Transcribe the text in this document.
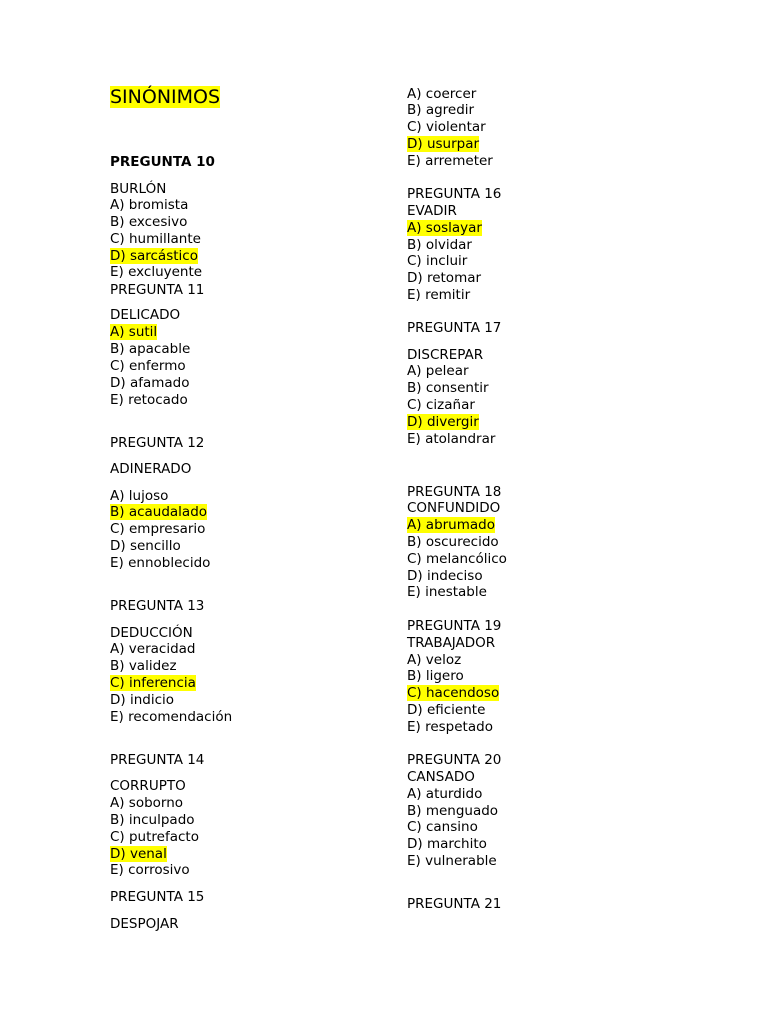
SINÓNIMOS
PREGUNTA 10
BURLÓN
A) bromista
B) excesivo
C) humillante
D) sarcástico
E) excluyente
PREGUNTA 11
DELICADO
A) sutil
B) apacable
C) enfermo
D) afamado
E) retocado
PREGUNTA 12
ADINERADO
A) lujoso
B) acaudalado
C) empresario
D) sencillo
E) ennoblecido
PREGUNTA 13
DEDUCCIÓN
A) veracidad
B) validez
C) inferencia
D) indicio
E) recomendación
PREGUNTA 14
CORRUPTO
A) soborno
B) inculpado
C) putrefacto
D) venal
E) corrosivo
PREGUNTA 15
DESPOJAR
A) coercer
B) agredir
C) violentar
D) usurpar
E) arremeter
PREGUNTA 16
EVADIR
A) soslayar
B) olvidar
C) incluir
D) retomar
E) remitir
PREGUNTA 17
DISCREPAR
A) pelear
B) consentir
C) cizañar
D) divergir
E) atolandrar
PREGUNTA 18
CONFUNDIDO
A) abrumado
B) oscurecido
C) melancólico
D) indeciso
E) inestable
PREGUNTA 19
TRABAJADOR
A) veloz
B) ligero
C) hacendoso
D) eficiente
E) respetado
PREGUNTA 20
CANSADO
A) aturdido
B) menguado
C) cansino
D) marchito
E) vulnerable
PREGUNTA 21
